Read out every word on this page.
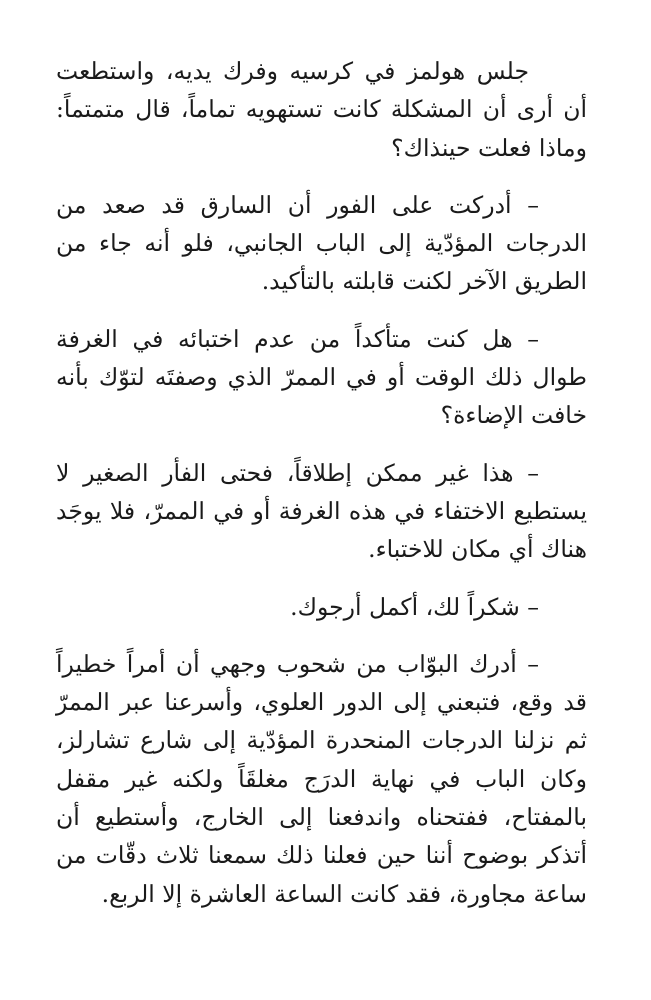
جلس هولمز في كرسيه وفرك يديه، واستطعت أن أرى أن المشكلة كانت تستهويه تماماً، قال متمتماً: وماذا فعلت حينذاك؟

– أدركت على الفور أن السارق قد صعد من الدرجات المؤدّية إلى الباب الجانبي، فلو أنه جاء من الطريق الآخر لكنت قابلته بالتأكيد.

– هل كنت متأكداً من عدم اختبائه في الغرفة طوال ذلك الوقت أو في الممرّ الذي وصفتَه لتوّك بأنه خافت الإضاءة؟

– هذا غير ممكن إطلاقاً، فحتى الفأر الصغير لا يستطيع الاختفاء في هذه الغرفة أو في الممرّ، فلا يوجَد هناك أي مكان للاختباء.

– شكراً لك، أكمل أرجوك.

– أدرك البوّاب من شحوب وجهي أن أمراً خطيراً قد وقع، فتبعني إلى الدور العلوي، وأسرعنا عبر الممرّ ثم نزلنا الدرجات المنحدرة المؤدّية إلى شارع تشارلز، وكان الباب في نهاية الدرَج مغلقَاً ولكنه غير مقفل بالمفتاح، ففتحناه واندفعنا إلى الخارج، وأستطيع أن أتذكر بوضوح أننا حين فعلنا ذلك سمعنا ثلاث دقّات من ساعة مجاورة، فقد كانت الساعة العاشرة إلا الربع.
